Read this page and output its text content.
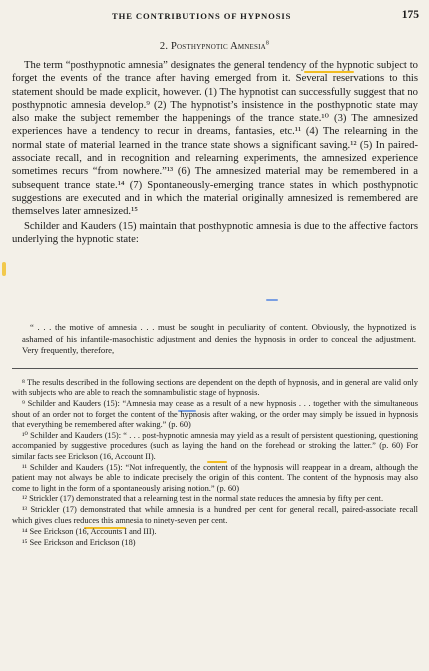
THE CONTRIBUTIONS OF HYPNOSIS	175
2. Posthypnotic Amnesia$^8$

The term “posthypnotic amnesia” designates the general tendency of the hypnotic subject to forget the events of the trance after having emerged from it. Several reservations to this statement should be made explicit, however. (1) The hypnotist can successfully suggest that no posthypnotic amnesia develop.⁹ (2) The hypnotist’s insistence in the posthypnotic state may also make the subject remember the happenings of the trance state.¹⁰ (3) The amnesized experiences have a tendency to recur in dreams, fantasies, etc.¹¹ (4) The relearning in the normal state of material learned in the trance state shows a significant saving.¹² (5) In paired-associate recall, and in recognition and relearning experiments, the amnesized experience sometimes recurs “from nowhere.”¹³ (6) The amnesized material may be remembered in a subsequent trance state.¹⁴ (7) Spontaneously-emerging trance states in which posthypnotic suggestions are executed and in which the material originally amnesized is remembered are themselves later amnesized.¹⁵

Schilder and Kauders (15) maintain that posthypnotic amnesia is due to the affective factors underlying the hypnotic state:

“ . . . the motive of amnesia . . . must be sought in peculiarity of content. Obviously, the hypnotized is ashamed of his infantile-masochistic adjustment and denies the hypnosis in order to conceal the adjustment. Very frequently, therefore,

⁸ The results described in the following sections are dependent on the depth of hypnosis, and in general are valid only with subjects who are able to reach the somnambulistic stage of hypnosis.

⁹ Schilder and Kauders (15): “Amnesia may cease as a result of a new hypnosis . . . together with the simultaneous shout of an order not to forget the content of the hypnosis after waking, or the order may simply be issued in hypnosis that everything be remembered after waking.” (p. 60)

¹⁰ Schilder and Kauders (15): “ . . . post-hypnotic amnesia may yield as a result of persistent questioning, questioning accompanied by suggestive procedures (such as laying the hand on the forehead or stroking the latter.” (p. 60) For similar facts see Erickson (16, Account II).

¹¹ Schilder and Kauders (15): “Not infrequently, the content of the hypnosis will reappear in a dream, although the patient may not always be able to indicate precisely the origin of this content. The content of the hypnosis may also come to light in the form of a spontaneously arising notion.” (p. 60)

¹² Strickler (17) demonstrated that a relearning test in the normal state reduces the amnesia by fifty per cent.

¹³ Strickler (17) demonstrated that while amnesia is a hundred per cent for general recall, paired-associate recall which gives clues reduces this amnesia to ninety-seven per cent.

¹⁴ See Erickson (16, Accounts I and III).

¹⁵ See Erickson and Erickson (18)
